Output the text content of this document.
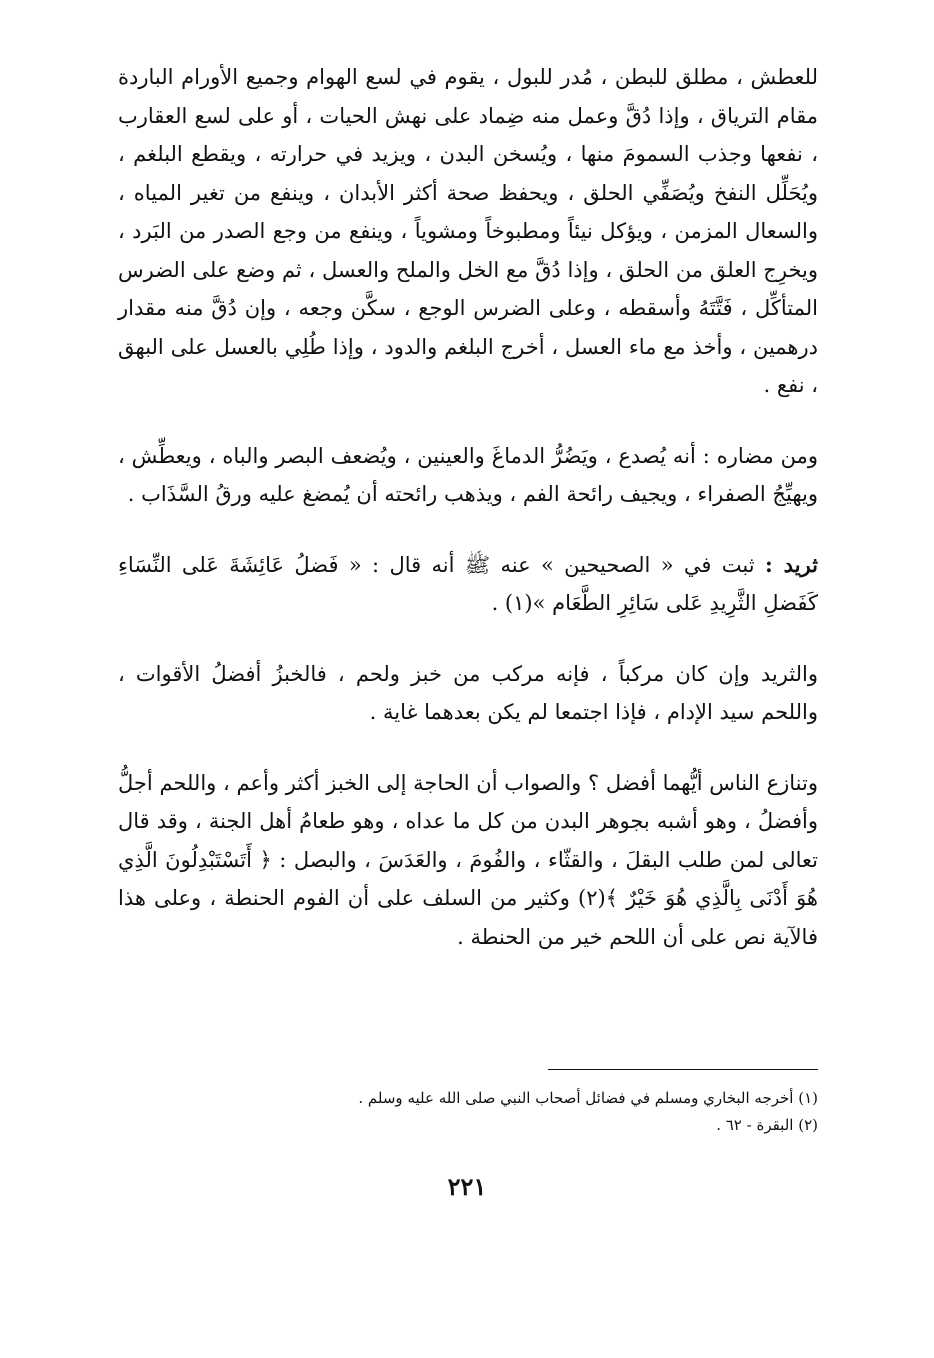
للعطش ، مطلق للبطن ، مُدر للبول ، يقوم في لسع الهوام وجميع الأورام الباردة مقام الترياق ، وإذا دُقَّ وعمل منه ضِماد على نهش الحيات ، أو على لسع العقارب ، نفعها وجذب السمومَ منها ، ويُسخن البدن ، ويزيد في حرارته ، ويقطع البلغم ، ويُحَلِّل النفخ ويُصَفِّي الحلق ، ويحفظ صحة أكثر الأبدان ، وينفع من تغير المياه ، والسعال المزمن ، ويؤكل نيئاً ومطبوخاً ومشوياً ، وينفع من وجع الصدر من البَرد ، ويخرِج العلق من الحلق ، وإذا دُقَّ مع الخل والملح والعسل ، ثم وضع على الضرس المتأكِّل ، فَتَّتَهُ وأسقطه ، وعلى الضرس الوجع ، سكَّن وجعه ، وإن دُقَّ منه مقدار درهمين ، وأخذ مع ماء العسل ، أخرج البلغم والدود ، وإذا طُلِي بالعسل على البهق ، نفع .

ومن مضاره : أنه يُصدع ، ويَضُرُّ الدماغَ والعينين ، ويُضعف البصر والباه ، ويعطِّش ، ويهيِّجُ الصفراء ، ويجيف رائحة الفم ، ويذهب رائحته أن يُمضغ عليه ورقُ السَّذَاب .

ثريد : ثبت في « الصحيحين » عنه ﷺ أنه قال : « فَضلُ عَائِشَةَ عَلى النِّسَاءِ كَفَضلِ الثَّرِيدِ عَلى سَائِرِ الطَّعَام »(١) .

والثريد وإن كان مركباً ، فإنه مركب من خبز ولحم ، فالخبزُ أفضلُ الأقوات ، واللحم سيد الإدام ، فإذا اجتمعا لم يكن بعدهما غاية .

وتنازع الناس أيُّهما أفضل ؟ والصواب أن الحاجة إلى الخبز أكثر وأعم ، واللحم أجلُّ وأفضلُ ، وهو أشبه بجوهر البدن من كل ما عداه ، وهو طعامُ أهل الجنة ، وقد قال تعالى لمن طلب البقلَ ، والقثّاء ، والفُومَ ، والعَدَسَ ، والبصل : ﴿ أَتَسْتَبْدِلُونَ الَّذِي هُوَ أَدْنَى بِالَّذِي هُوَ خَيْرٌ ﴾(٢) وكثير من السلف على أن الفوم الحنطة ، وعلى هذا فالآية نص على أن اللحم خير من الحنطة .

(١) أخرجه البخاري ومسلم في فضائل أصحاب النبي صلى الله عليه وسلم .

(٢) البقرة - ٦٢ .

٢٢١
